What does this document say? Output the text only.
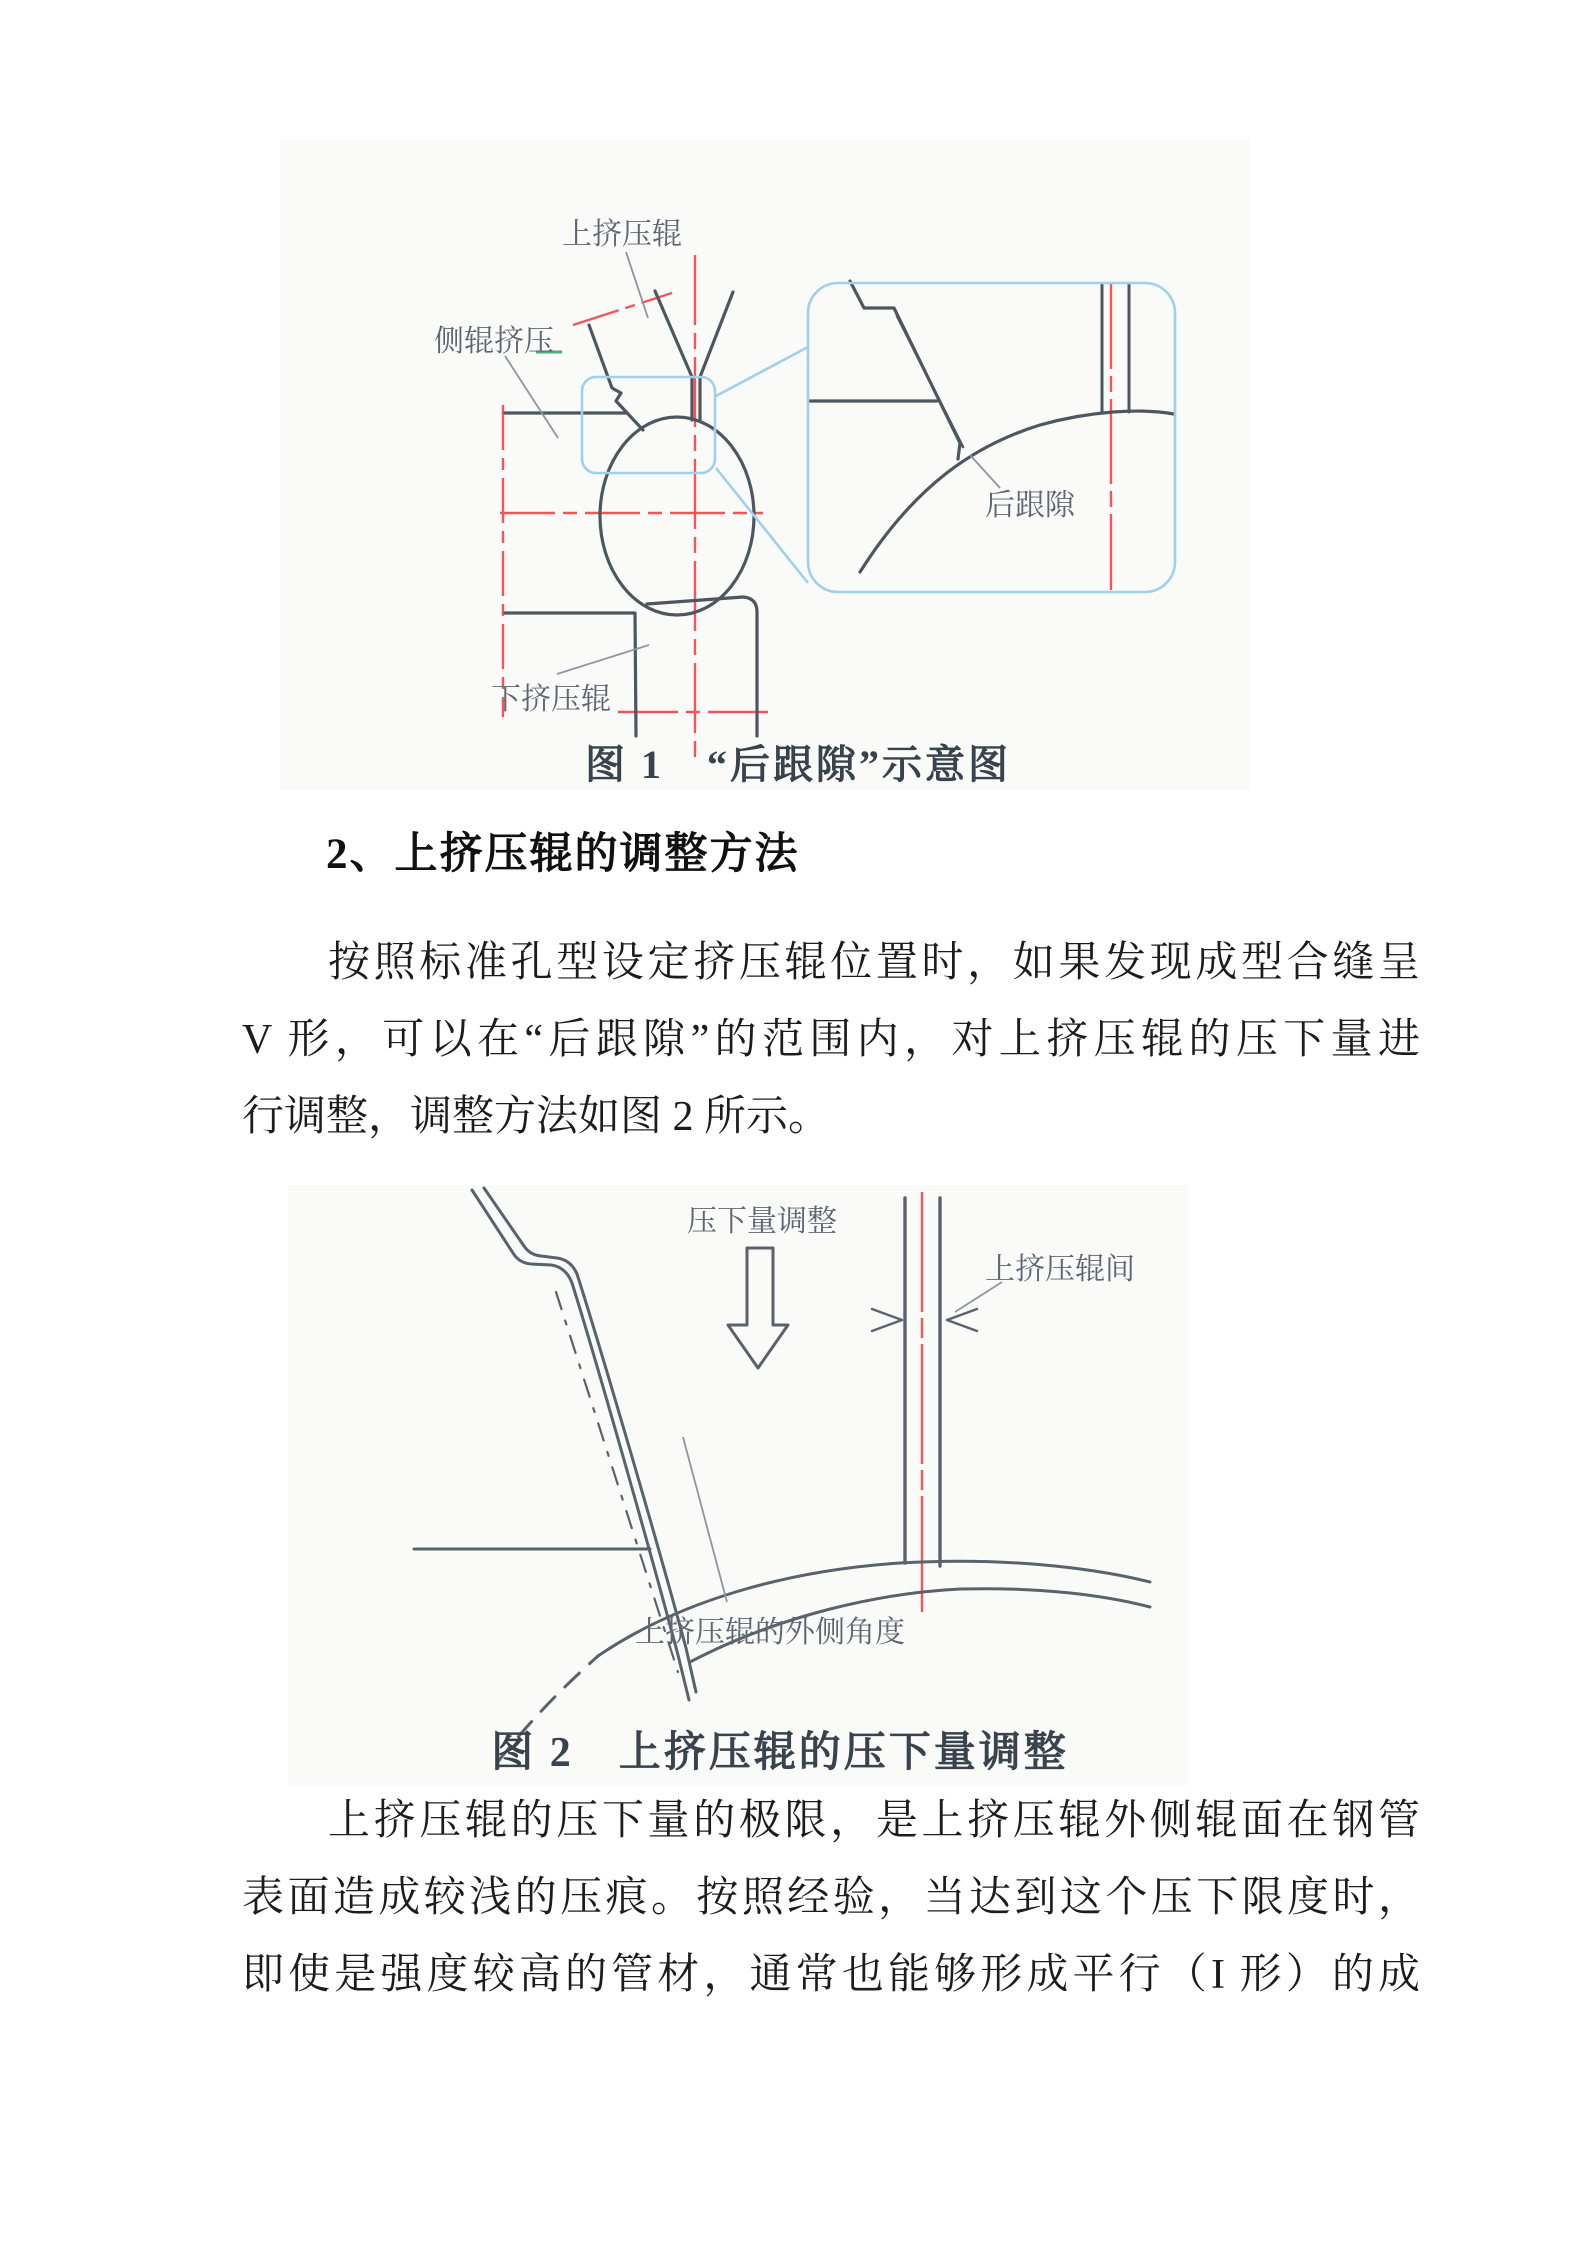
上挤压辊
侧辊挤压
下挤压辊
后跟隙
图 1　“后跟隙”示意图
2、上挤压辊的调整方法
按照标准孔型设定挤压辊位置时，如果发现成型合缝呈
V 形，可以在“后跟隙”的范围内，对上挤压辊的压下量进
行调整，调整方法如图 2 所示。
压下量调整
上挤压辊间
上挤压辊的外侧角度
图 2　上挤压辊的压下量调整
上挤压辊的压下量的极限，是上挤压辊外侧辊面在钢管
表面造成较浅的压痕。按照经验，当达到这个压下限度时，
即使是强度较高的管材，通常也能够形成平行（I 形）的成
